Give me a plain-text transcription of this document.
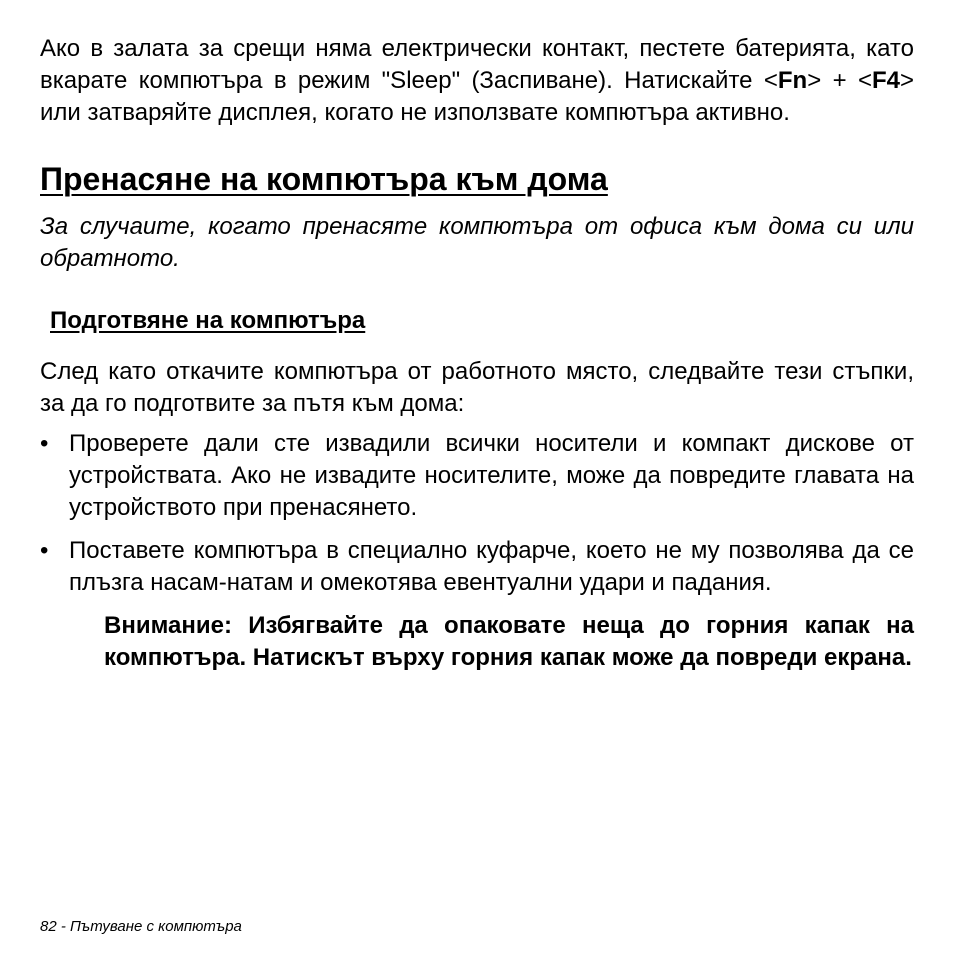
Ако в залата за срещи няма електрически контакт, пестете батерията, като вкарате компютъра в режим "Sleep" (Заспиване). Натискайте <Fn> + <F4> или затваряйте дисплея, когато не използвате компютъра активно.

Пренасяне на компютъра към дома

За случаите, когато пренасяте компютъра от офиса към дома си или обратното.

Подготвяне на компютъра

След като откачите компютъра от работното място, следвайте тези стъпки, за да го подготвите за пътя към дома:

• Проверете дали сте извадили всички носители и компакт дискове от устройствата. Ако не извадите носителите, може да повредите главата на устройството при пренасянето.
• Поставете компютъра в специално куфарче, което не му позволява да се плъзга насам-натам и омекотява евентуални удари и падания.

Внимание: Избягвайте да опаковате неща до горния капак на компютъра. Натискът върху горния капак може да повреди екрана.

82 - Пътуване с компютъра
